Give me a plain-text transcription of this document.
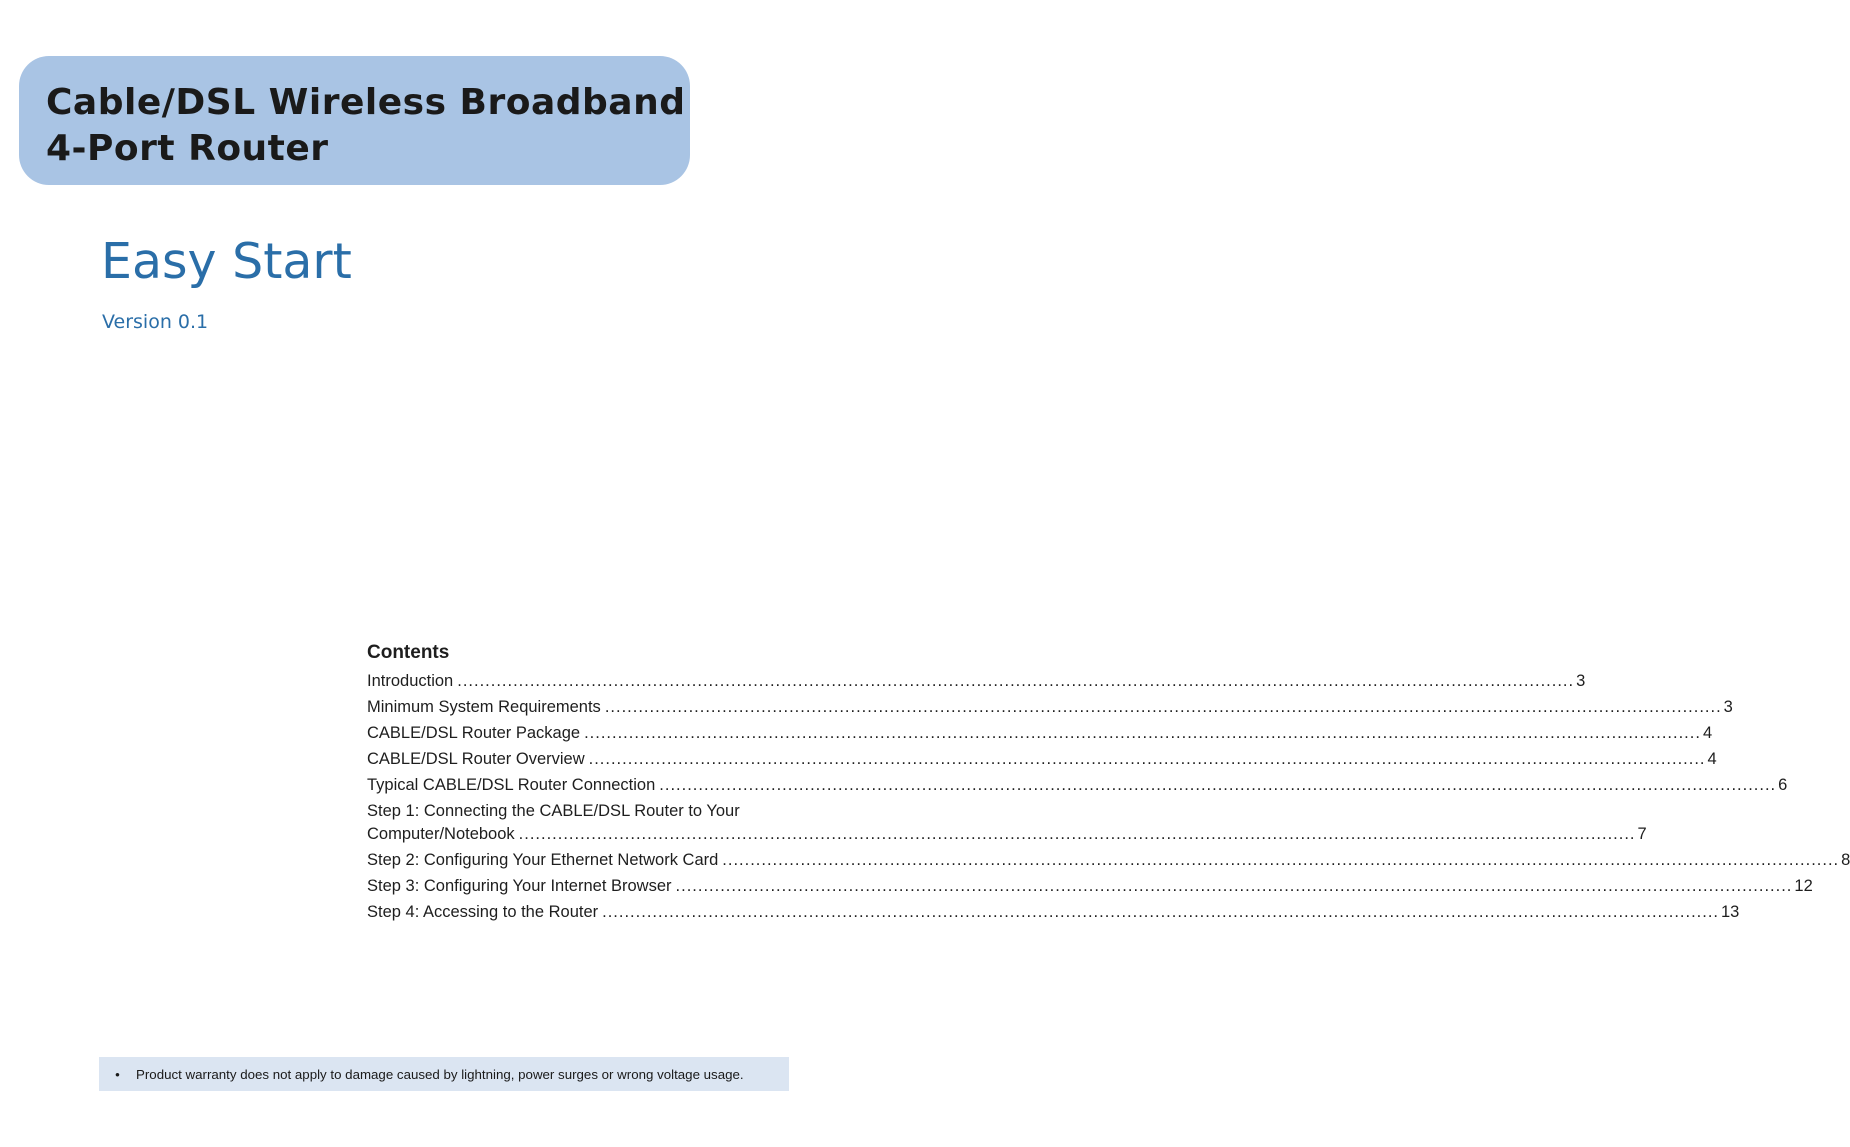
Cable/DSL Wireless Broadband
4-Port Router
Easy Start
Version 0.1
Contents
Introduction ........................................................................................................................................................................................................ 3
Minimum System Requirements ........................................................................................................................................................................................................ 3
CABLE/DSL Router Package ........................................................................................................................................................................................................ 4
CABLE/DSL Router Overview ........................................................................................................................................................................................................ 4
Typical CABLE/DSL Router Connection ........................................................................................................................................................................................................ 6
Step 1: Connecting the CABLE/DSL Router to Your
Computer/Notebook ........................................................................................................................................................................................................ 7
Step 2: Configuring Your Ethernet Network Card ........................................................................................................................................................................................................ 8
Step 3: Configuring Your Internet Browser ........................................................................................................................................................................................................ 12
Step 4: Accessing to the Router ........................................................................................................................................................................................................ 13
•	Product warranty does not apply to damage caused by lightning, power surges or wrong voltage usage.
